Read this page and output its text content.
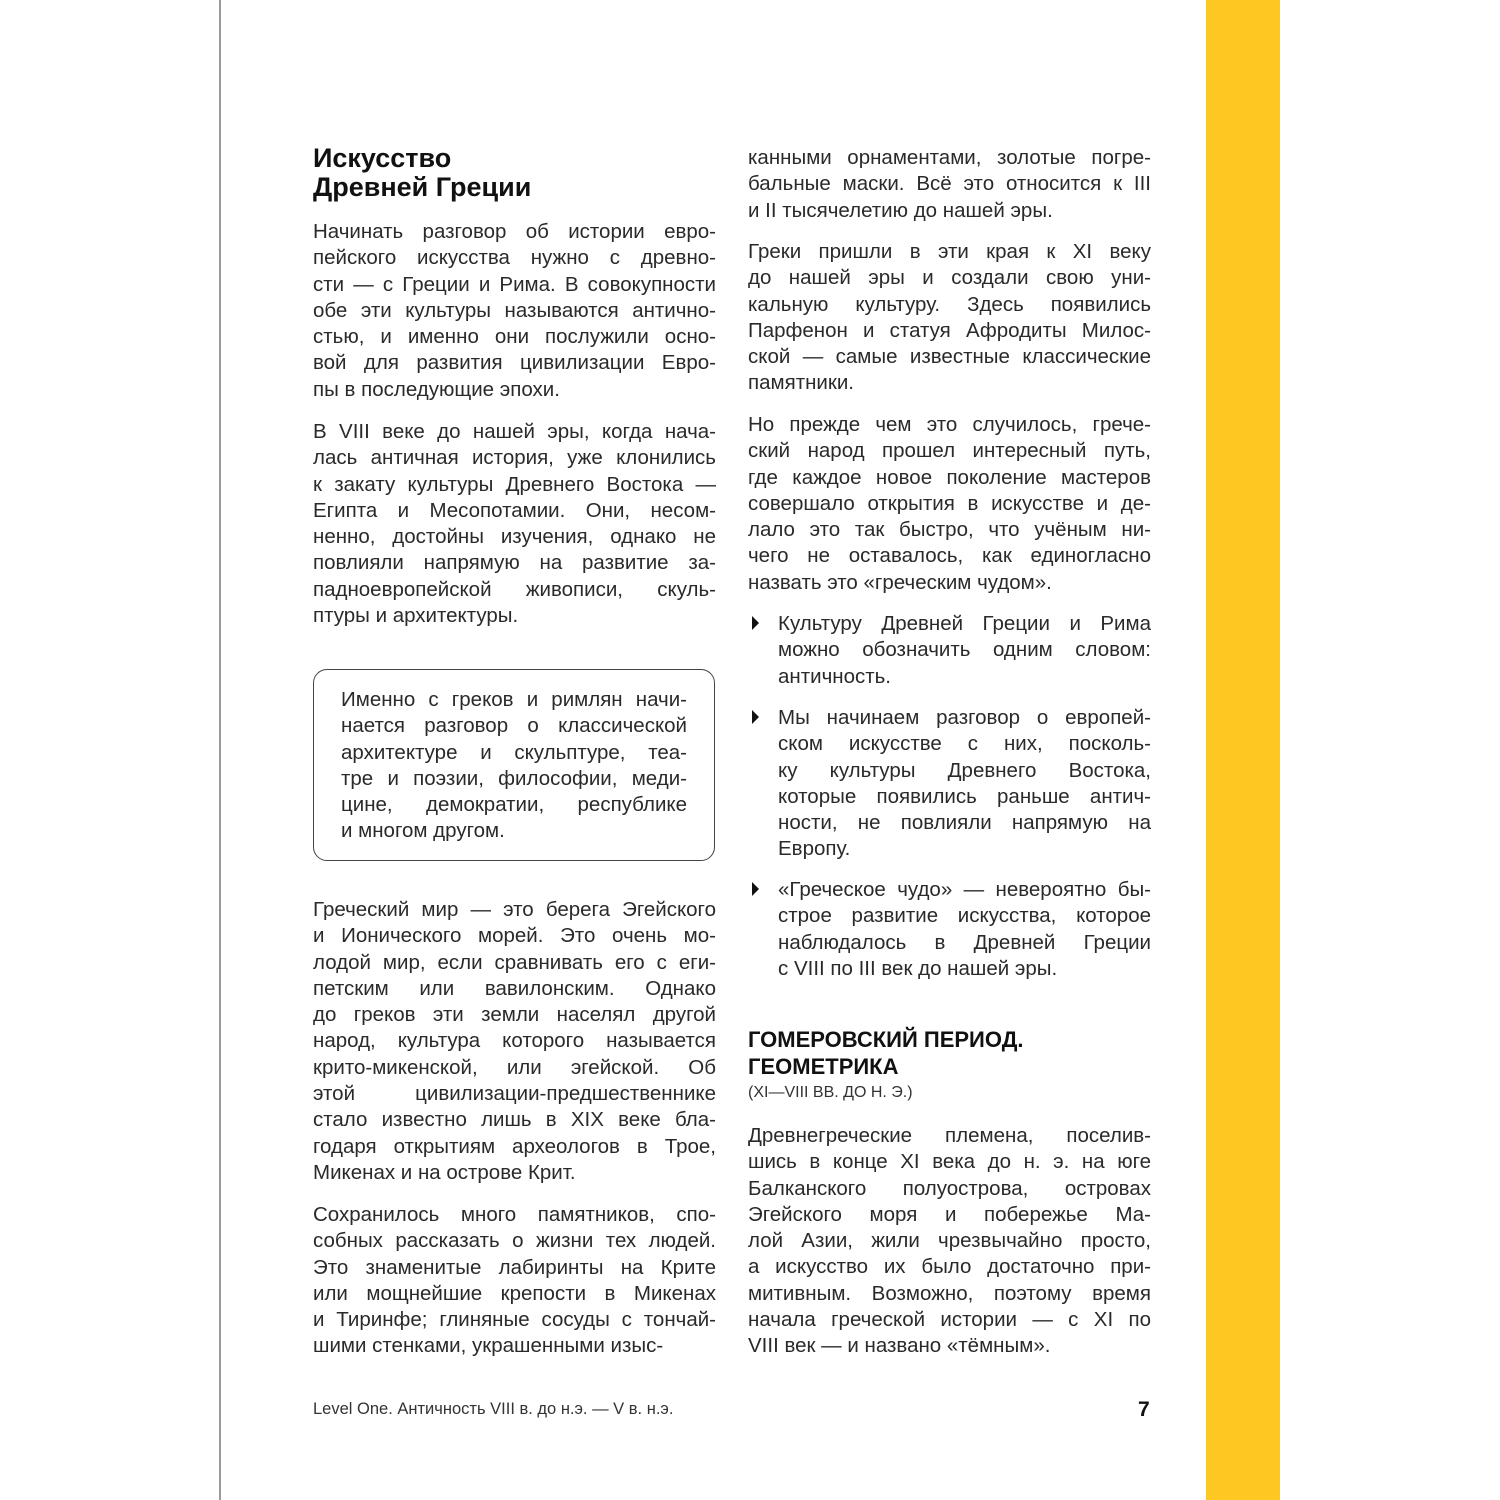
Искусство
Древней Греции
Начинать разговор об истории евро-
пейского искусства нужно с древно-
сти — с Греции и Рима. В совокупности
обе эти культуры называются антично-
стью, и именно они послужили осно-
вой для развития цивилизации Евро-
пы в последующие эпохи.
В VIII веке до нашей эры, когда нача-
лась античная история, уже клонились
к закату культуры Древнего Востока —
Египта и Месопотамии. Они, несом-
ненно, достойны изучения, однако не
повлияли напрямую на развитие за-
падноевропейской живописи, скуль-
птуры и архитектуры.
Именно с греков и римлян начи-
нается разговор о классической
архитектуре и скульптуре, теа-
тре и поэзии, философии, меди-
цине, демократии, республике
и многом другом.
Греческий мир — это берега Эгейского
и Ионического морей. Это очень мо-
лодой мир, если сравнивать его с еги-
петским или вавилонским. Однако
до греков эти земли населял другой
народ, культура которого называется
крито-микенской, или эгейской. Об
этой цивилизации-предшественнике
стало известно лишь в XIX веке бла-
годаря открытиям археологов в Трое,
Микенах и на острове Крит.
Сохранилось много памятников, спо-
собных рассказать о жизни тех людей.
Это знаменитые лабиринты на Крите
или мощнейшие крепости в Микенах
и Тиринфе; глиняные сосуды с тончай-
шими стенками, украшенными изыс-
канными орнаментами, золотые погре-
бальные маски. Всё это относится к III
и II тысячелетию до нашей эры.
Греки пришли в эти края к XI веку
до нашей эры и создали свою уни-
кальную культуру. Здесь появились
Парфенон и статуя Афродиты Милос-
ской — самые известные классические
памятники.
Но прежде чем это случилось, грече-
ский народ прошел интересный путь,
где каждое новое поколение мастеров
совершало открытия в искусстве и де-
лало это так быстро, что учёным ни-
чего не оставалось, как единогласно
назвать это «греческим чудом».
Культуру Древней Греции и Рима
можно обозначить одним словом:
античность.
Мы начинаем разговор о европей-
ском искусстве с них, посколь-
ку культуры Древнего Востока,
которые появились раньше антич-
ности, не повлияли напрямую на
Европу.
«Греческое чудо» — невероятно бы-
строе развитие искусства, которое
наблюдалось в Древней Греции
с VIII по III век до нашей эры.
ГОМЕРОВСКИЙ ПЕРИОД.
ГЕОМЕТРИКА
(XI—VIII ВВ. ДО Н. Э.)
Древнегреческие племена, поселив-
шись в конце XI века до н. э. на юге
Балканского полуострова, островах
Эгейского моря и побережье Ма-
лой Азии, жили чрезвычайно просто,
а искусство их было достаточно при-
митивным. Возможно, поэтому время
начала греческой истории — с XI по
VIII век — и названо «тёмным».
Level One. Античность VIII в. до н.э. — V в. н.э.	7
